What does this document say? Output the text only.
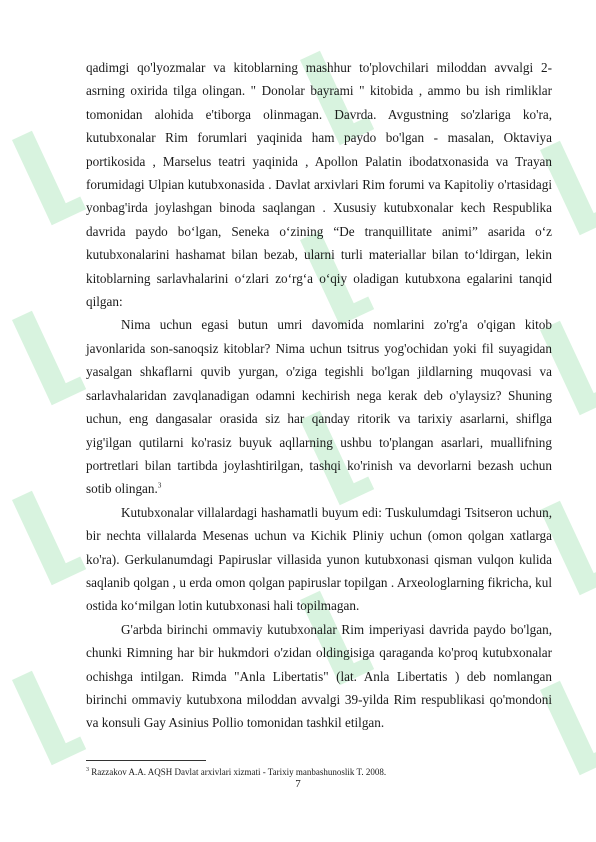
qadimgi qo'lyozmalar va kitoblarning mashhur to'plovchilari miloddan avvalgi 2-asrning oxirida tilga olingan. " Donolar bayrami " kitobida , ammo bu ish rimliklar tomonidan alohida e'tiborga olinmagan. Davrda. Avgustning so'zlariga ko'ra, kutubxonalar Rim forumlari yaqinida ham paydo bo'lgan - masalan, Oktaviya portikosida , Marselus teatri yaqinida , Apollon Palatin ibodatxonasida va Trayan forumidagi Ulpian kutubxonasida . Davlat arxivlari Rim forumi va Kapitoliy o'rtasidagi yonbag'irda joylashgan binoda saqlangan . Xususiy kutubxonalar kech Respublika davrida paydo bo‘lgan, Seneka o‘zining “De tranquillitate animi” asarida o‘z kutubxonalarini hashamat bilan bezab, ularni turli materiallar bilan to‘ldirgan, lekin kitoblarning sarlavhalarini o‘zlari zo‘rg‘a o‘qiy oladigan kutubxona egalarini tanqid qilgan:

Nima uchun egasi butun umri davomida nomlarini zo'rg'a o'qigan kitob javonlarida son-sanoqsiz kitoblar? Nima uchun tsitrus yog'ochidan yoki fil suyagidan yasalgan shkaflarni quvib yurgan, o'ziga tegishli bo'lgan jildlarning muqovasi va sarlavhalaridan zavqlanadigan odamni kechirish nega kerak deb o'ylaysiz? Shuning uchun, eng dangasalar orasida siz har qanday ritorik va tarixiy asarlarni, shiflga yig'ilgan qutilarni ko'rasiz buyuk aqllarning ushbu to'plangan asarlari, muallifning portretlari bilan tartibda joylashtirilgan, tashqi ko'rinish va devorlarni bezash uchun sotib olingan.$^3$

Kutubxonalar villalardagi hashamatli buyum edi: Tuskulumdagi Tsitseron uchun, bir nechta villalarda Mesenas uchun va Kichik Pliniy uchun (omon qolgan xatlarga ko'ra). Gerkulanumdagi Papiruslar villasida yunon kutubxonasi qisman vulqon kulida saqlanib qolgan , u erda omon qolgan papiruslar topilgan . Arxeologlarning fikricha, kul ostida ko‘milgan lotin kutubxonasi hali topilmagan.

G'arbda birinchi ommaviy kutubxonalar Rim imperiyasi davrida paydo bo'lgan, chunki Rimning har bir hukmdori o'zidan oldingisiga qaraganda ko'proq kutubxonalar ochishga intilgan. Rimda "Anla Libertatis" (lat. Anla Libertatis ) deb nomlangan birinchi ommaviy kutubxona miloddan avvalgi 39-yilda Rim respublikasi qo'mondoni va konsuli Gay Asinius Pollio tomonidan tashkil etilgan.

$^3$ Razzakov A.A. AQSH Davlat arxivlari xizmati - Tarixiy manbashunoslik T. 2008.
7
